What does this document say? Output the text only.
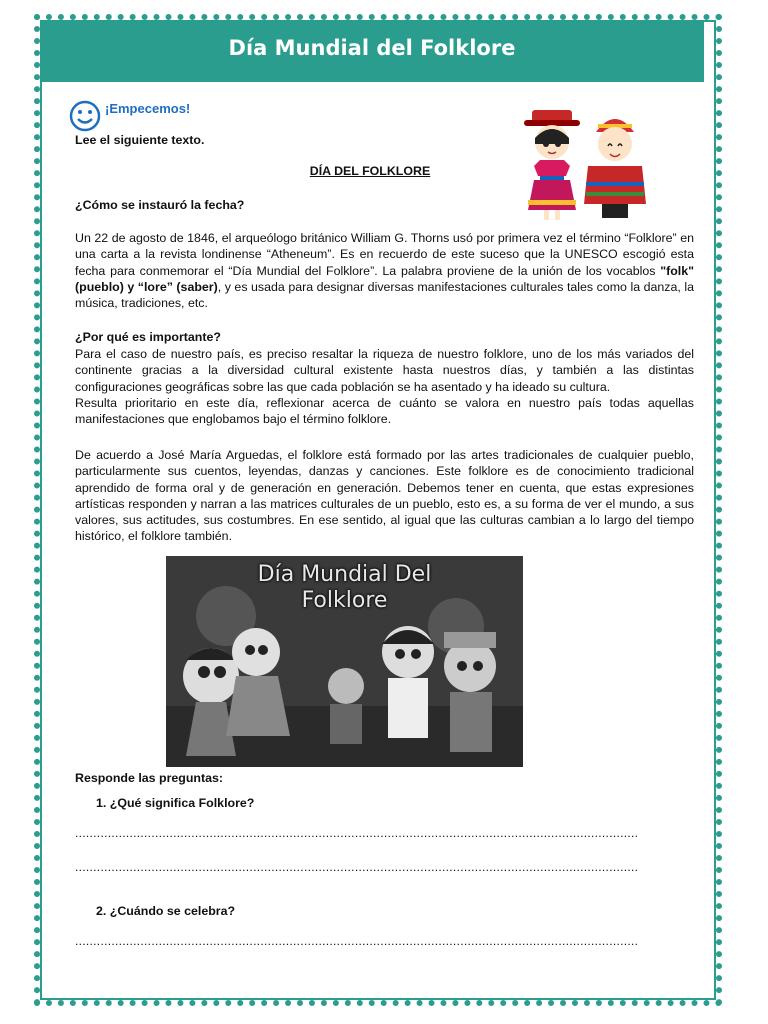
Día Mundial del Folklore
¡Empecemos!
Lee el siguiente texto.
DÍA DEL FOLKLORE
¿Cómo se instauró la fecha?
Un 22 de agosto de 1846, el arqueólogo británico William G. Thorns usó por primera vez el término “Folklore” en una carta a la revista londinense “Atheneum”. Es en recuerdo de este suceso que la UNESCO escogió esta fecha para conmemorar el “Día Mundial del Folklore”. La palabra proviene de la unión de los vocablos "folk" (pueblo) y “lore” (saber), y es usada para designar diversas manifestaciones culturales tales como la danza, la música, tradiciones, etc.
¿Por qué es importante?
Para el caso de nuestro país, es preciso resaltar la riqueza de nuestro folklore, uno de los más variados del continente gracias a la diversidad cultural existente hasta nuestros días, y también a las distintas configuraciones geográficas sobre las que cada población se ha asentado y ha ideado su cultura.
Resulta prioritario en este día, reflexionar acerca de cuánto se valora en nuestro país todas aquellas manifestaciones que englobamos bajo el término folklore.
De acuerdo a José María Arguedas, el folklore está formado por las artes tradicionales de cualquier pueblo, particularmente sus cuentos, leyendas, danzas y canciones. Este folklore es de conocimiento tradicional aprendido de forma oral y de generación en generación. Debemos tener en cuenta, que estas expresiones artísticas responden y narran a las matrices culturales de un pueblo, esto es, a su forma de ver el mundo, a sus valores, sus actitudes, sus costumbres. En ese sentido, al igual que las culturas cambian a lo largo del tiempo histórico, el folklore también.
Día Mundial Del
Folklore
Responde las preguntas:
1. ¿Qué significa Folklore?
...........................................................................................................................................................
...........................................................................................................................................................
2. ¿Cuándo se celebra?
...........................................................................................................................................................
